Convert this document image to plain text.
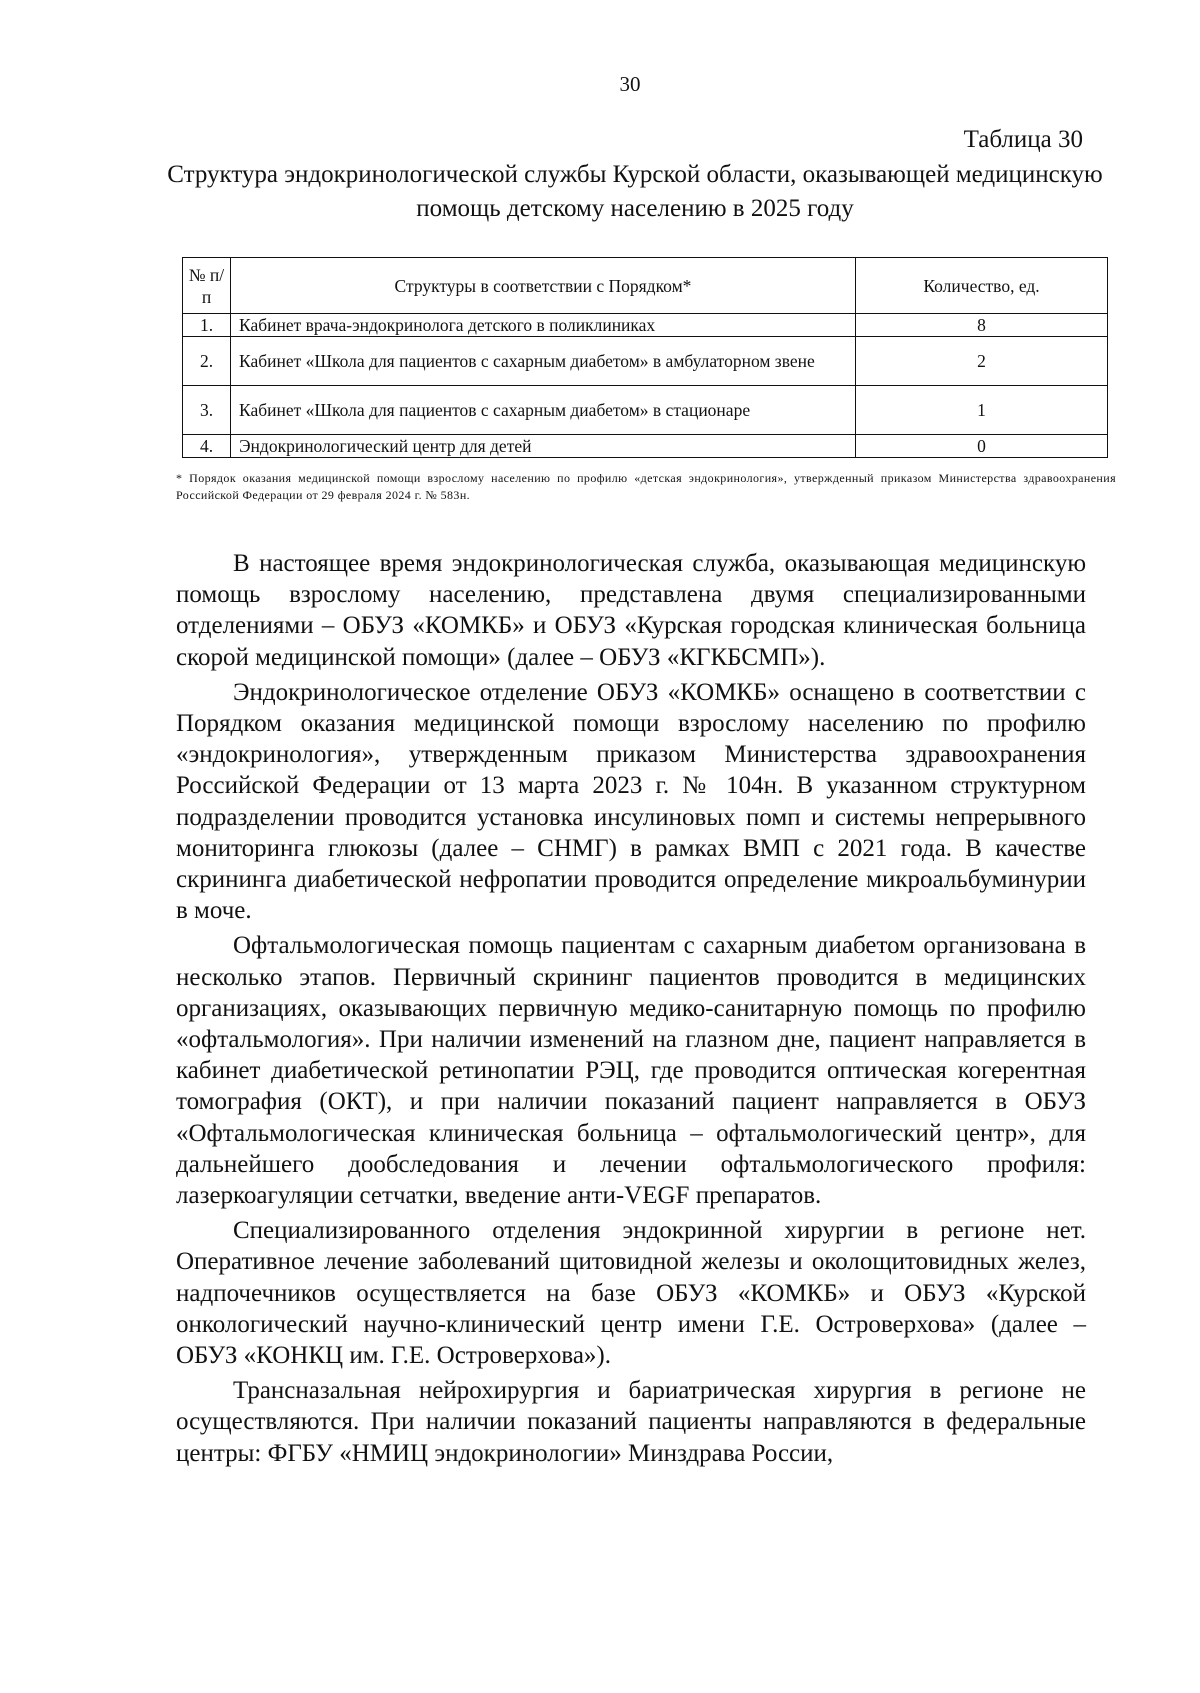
30
Таблица 30
Структура эндокринологической службы Курской области, оказывающей медицинскую помощь детскому населению в 2025 году
№ п/п	Структуры в соответствии с Порядком*	Количество, ед.
1.	Кабинет врача-эндокринолога детского в поликлиниках	8
2.	Кабинет «Школа для пациентов с сахарным диабетом» в амбулаторном звене	2
3.	Кабинет «Школа для пациентов с сахарным диабетом» в стационаре	1
4.	Эндокринологический центр для детей	0
* Порядок оказания медицинской помощи взрослому населению по профилю «детская эндокринология», утвержденный приказом Министерства здравоохранения Российской Федерации от 29 февраля 2024 г. № 583н.

В настоящее время эндокринологическая служба, оказывающая медицинскую помощь взрослому населению, представлена двумя специализированными отделениями – ОБУЗ «КОМКБ» и ОБУЗ «Курская городская клиническая больница скорой медицинской помощи» (далее – ОБУЗ «КГКБСМП»).

Эндокринологическое отделение ОБУЗ «КОМКБ» оснащено в соответствии с Порядком оказания медицинской помощи взрослому населению по профилю «эндокринология», утвержденным приказом Министерства здравоохранения Российской Федерации от 13 марта 2023 г. № 104н. В указанном структурном подразделении проводится установка инсулиновых помп и системы непрерывного мониторинга глюкозы (далее – СНМГ) в рамках ВМП с 2021 года. В качестве скрининга диабетической нефропатии проводится определение микроальбуминурии в моче.

Офтальмологическая помощь пациентам с сахарным диабетом организована в несколько этапов. Первичный скрининг пациентов проводится в медицинских организациях, оказывающих первичную медико-санитарную помощь по профилю «офтальмология». При наличии изменений на глазном дне, пациент направляется в кабинет диабетической ретинопатии РЭЦ, где проводится оптическая когерентная томография (ОКТ), и при наличии показаний пациент направляется в ОБУЗ «Офтальмологическая клиническая больница – офтальмологический центр», для дальнейшего дообследования и лечении офтальмологического профиля: лазеркоагуляции сетчатки, введение анти-VEGF препаратов.

Специализированного отделения эндокринной хирургии в регионе нет. Оперативное лечение заболеваний щитовидной железы и околощитовидных желез, надпочечников осуществляется на базе ОБУЗ «КОМКБ» и ОБУЗ «Курской онкологический научно-клинический центр имени Г.Е. Островерхова» (далее – ОБУЗ «КОНКЦ им. Г.Е. Островерхова»).

Трансназальная нейрохирургия и бариатрическая хирургия в регионе не осуществляются. При наличии показаний пациенты направляются в федеральные центры: ФГБУ «НМИЦ эндокринологии» Минздрава России,
